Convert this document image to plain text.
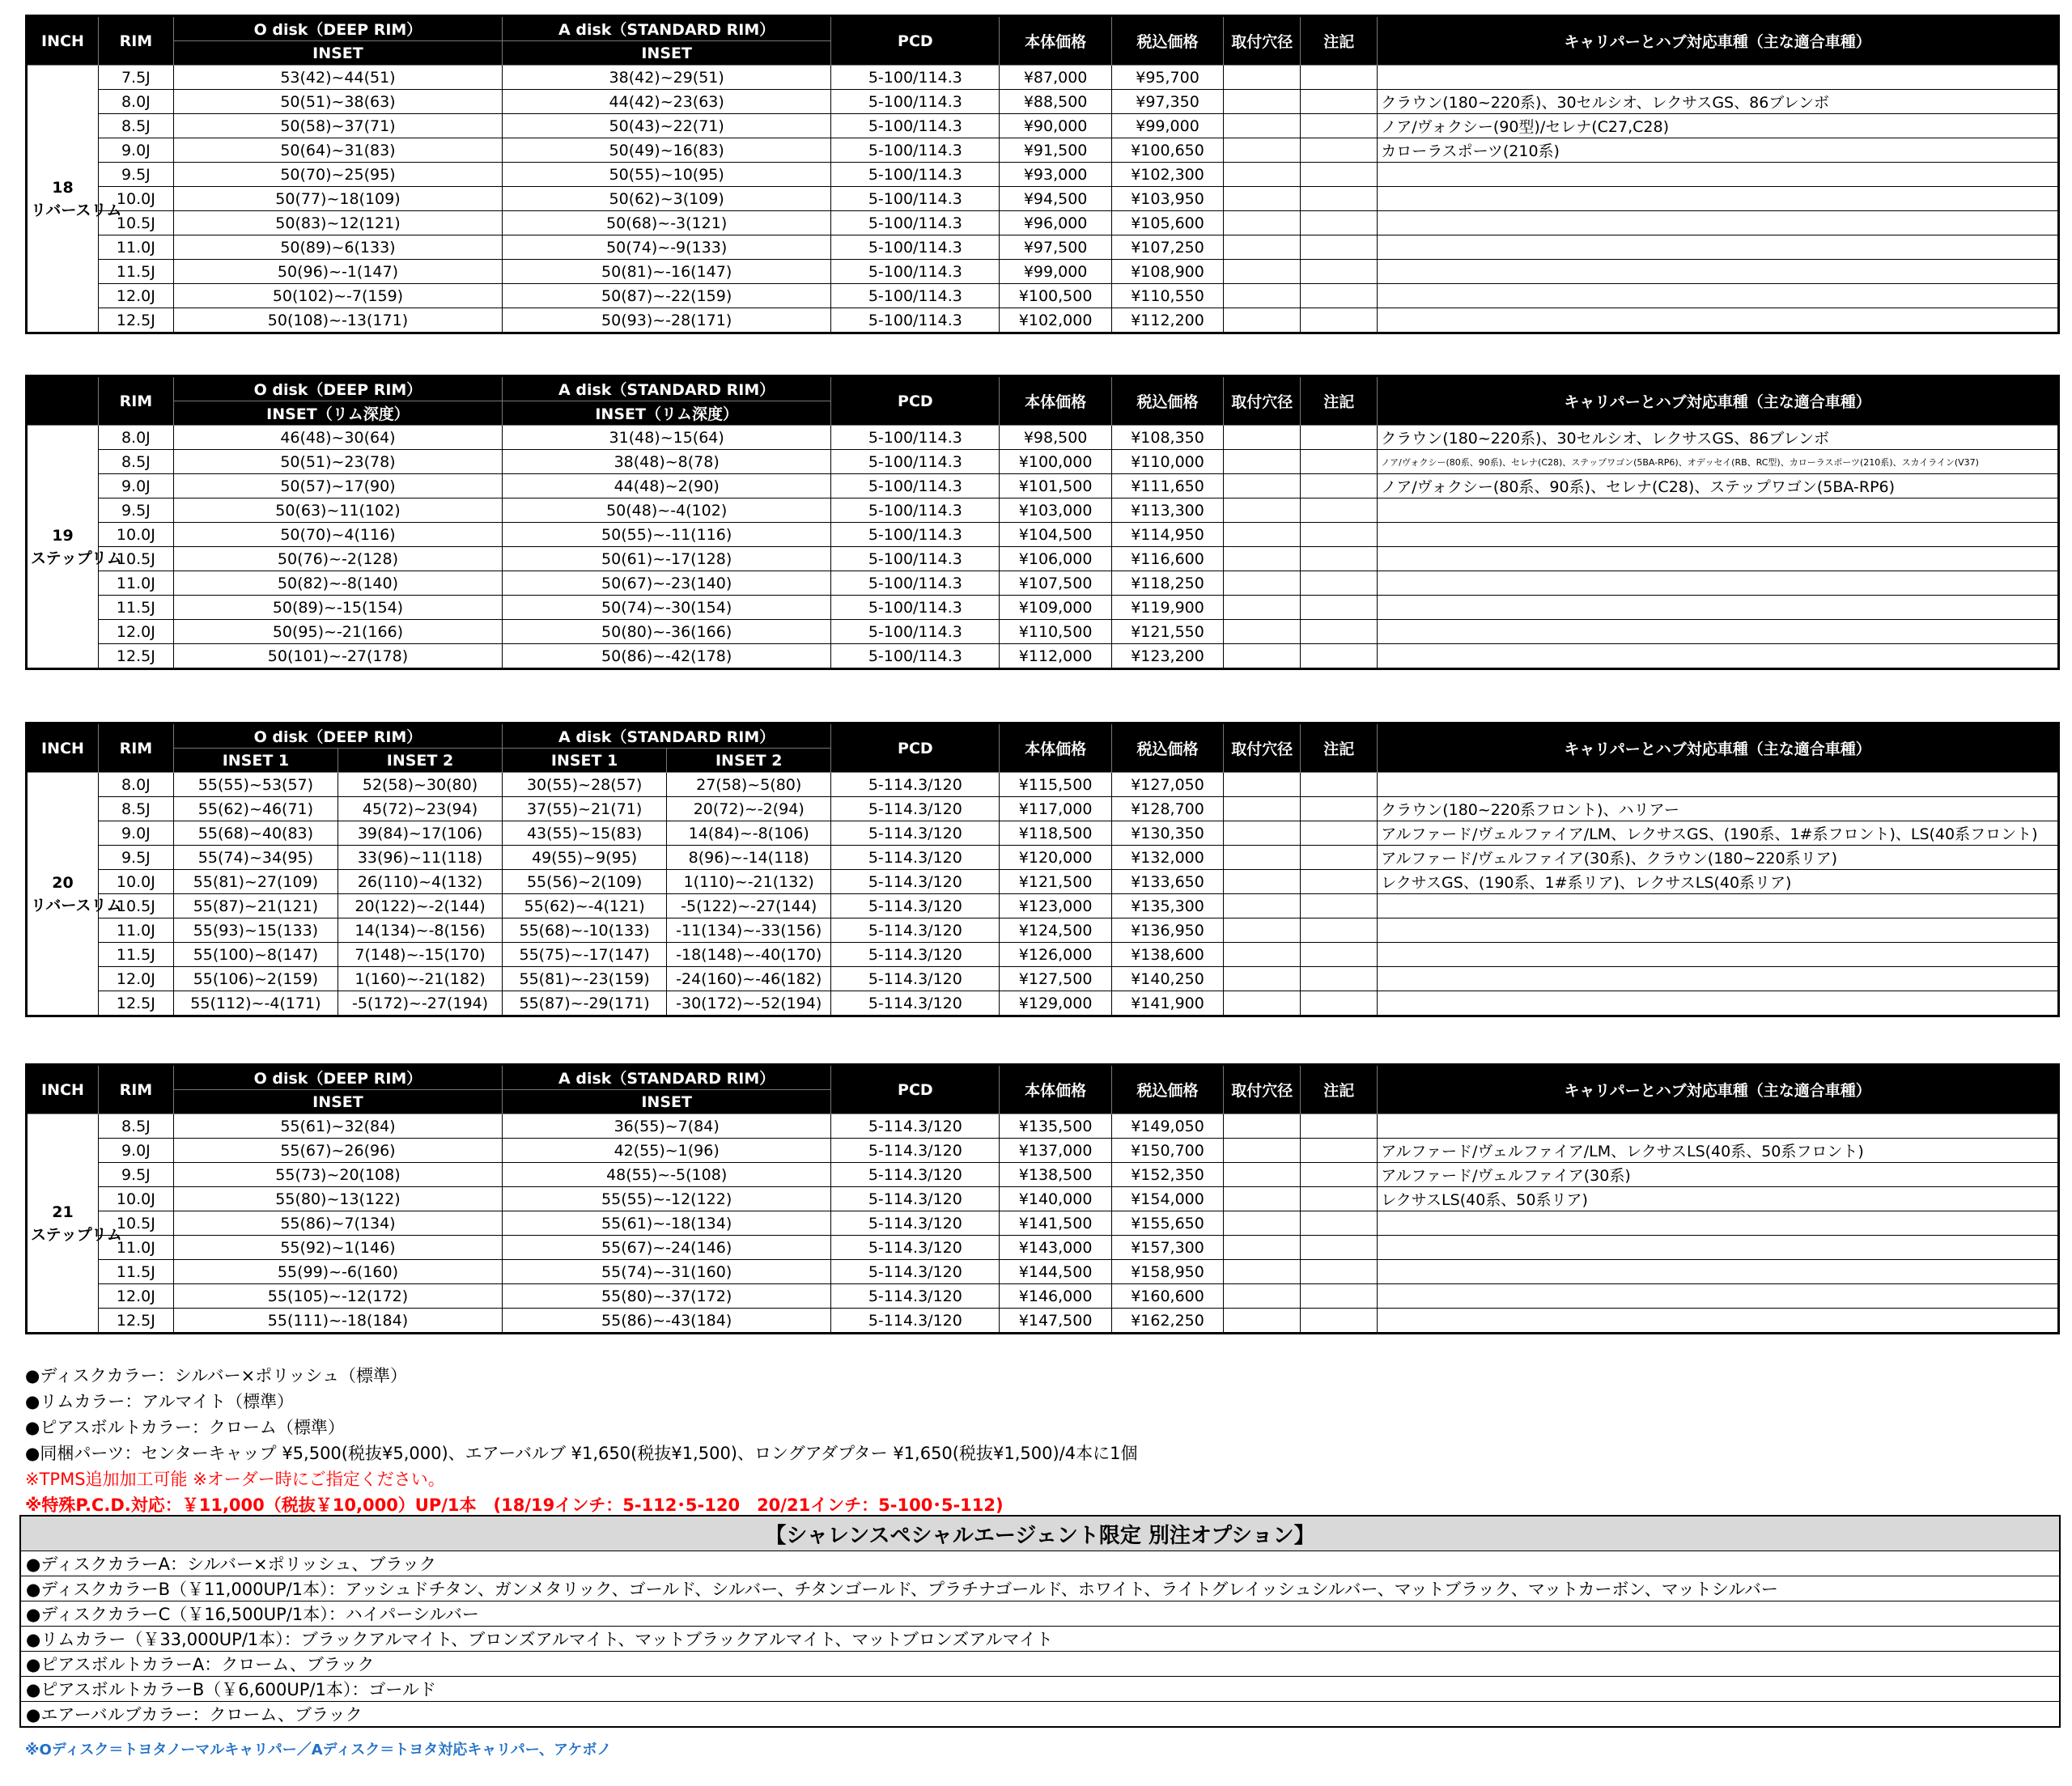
INCH	RIM	O disk（DEEP RIM）	A disk（STANDARD RIM）	PCD	本体価格	税込価格	取付穴径	注記	キャリパーとハブ対応車種（主な適合車種）
		INSET	INSET						

18
リバースリム	7.5J	53(42)~44(51)	38(42)~29(51)	5-100/114.3	¥87,000	¥95,700			
	8.0J	50(51)~38(63)	44(42)~23(63)	5-100/114.3	¥88,500	¥97,350			クラウン(180~220系)、30セルシオ、レクサスGS、86ブレンボ
	8.5J	50(58)~37(71)	50(43)~22(71)	5-100/114.3	¥90,000	¥99,000			ノア/ヴォクシー(90型)/セレナ(C27,C28)
	9.0J	50(64)~31(83)	50(49)~16(83)	5-100/114.3	¥91,500	¥100,650			カローラスポーツ(210系)
	9.5J	50(70)~25(95)	50(55)~10(95)	5-100/114.3	¥93,000	¥102,300			
	10.0J	50(77)~18(109)	50(62)~3(109)	5-100/114.3	¥94,500	¥103,950			
	10.5J	50(83)~12(121)	50(68)~-3(121)	5-100/114.3	¥96,000	¥105,600			
	11.0J	50(89)~6(133)	50(74)~-9(133)	5-100/114.3	¥97,500	¥107,250			
	11.5J	50(96)~-1(147)	50(81)~-16(147)	5-100/114.3	¥99,000	¥108,900			
	12.0J	50(102)~-7(159)	50(87)~-22(159)	5-100/114.3	¥100,500	¥110,550			
	12.5J	50(108)~-13(171)	50(93)~-28(171)	5-100/114.3	¥102,000	¥112,200			
	RIM	O disk（DEEP RIM）	A disk（STANDARD RIM）	PCD	本体価格	税込価格	取付穴径	注記	キャリパーとハブ対応車種（主な適合車種）
		INSET（リム深度）	INSET（リム深度）						

19
ステップリム	8.0J	46(48)~30(64)	31(48)~15(64)	5-100/114.3	¥98,500	¥108,350			クラウン(180~220系)、30セルシオ、レクサスGS、86ブレンボ
	8.5J	50(51)~23(78)	38(48)~8(78)	5-100/114.3	¥100,000	¥110,000			ノア/ヴォクシー(80系、90系)、セレナ(C28)、ステップワゴン(5BA-RP6)、オデッセイ(RB、RC型)、カローラスポーツ(210系)、スカイライン(V37)
	9.0J	50(57)~17(90)	44(48)~2(90)	5-100/114.3	¥101,500	¥111,650			ノア/ヴォクシー(80系、90系)、セレナ(C28)、ステップワゴン(5BA-RP6)
	9.5J	50(63)~11(102)	50(48)~-4(102)	5-100/114.3	¥103,000	¥113,300			
	10.0J	50(70)~4(116)	50(55)~-11(116)	5-100/114.3	¥104,500	¥114,950			
	10.5J	50(76)~-2(128)	50(61)~-17(128)	5-100/114.3	¥106,000	¥116,600			
	11.0J	50(82)~-8(140)	50(67)~-23(140)	5-100/114.3	¥107,500	¥118,250			
	11.5J	50(89)~-15(154)	50(74)~-30(154)	5-100/114.3	¥109,000	¥119,900			
	12.0J	50(95)~-21(166)	50(80)~-36(166)	5-100/114.3	¥110,500	¥121,550			
	12.5J	50(101)~-27(178)	50(86)~-42(178)	5-100/114.3	¥112,000	¥123,200			
INCH	RIM	O disk（DEEP RIM）		A disk（STANDARD RIM）		PCD	本体価格	税込価格	取付穴径	注記	キャリパーとハブ対応車種（主な適合車種）
		INSET 1	INSET 2	INSET 1	INSET 2						

20
リバースリム	8.0J	55(55)~53(57)	52(58)~30(80)	30(55)~28(57)	27(58)~5(80)	5-114.3/120	¥115,500	¥127,050			
	8.5J	55(62)~46(71)	45(72)~23(94)	37(55)~21(71)	20(72)~-2(94)	5-114.3/120	¥117,000	¥128,700			クラウン(180~220系フロント)、ハリアー
	9.0J	55(68)~40(83)	39(84)~17(106)	43(55)~15(83)	14(84)~-8(106)	5-114.3/120	¥118,500	¥130,350			アルファード/ヴェルファイア/LM、レクサスGS、(190系、1#系フロント)、LS(40系フロント)
	9.5J	55(74)~34(95)	33(96)~11(118)	49(55)~9(95)	8(96)~-14(118)	5-114.3/120	¥120,000	¥132,000			アルファード/ヴェルファイア(30系)、クラウン(180~220系リア)
	10.0J	55(81)~27(109)	26(110)~4(132)	55(56)~2(109)	1(110)~-21(132)	5-114.3/120	¥121,500	¥133,650			レクサスGS、(190系、1#系リア)、レクサスLS(40系リア)
	10.5J	55(87)~21(121)	20(122)~-2(144)	55(62)~-4(121)	-5(122)~-27(144)	5-114.3/120	¥123,000	¥135,300			
	11.0J	55(93)~15(133)	14(134)~-8(156)	55(68)~-10(133)	-11(134)~-33(156)	5-114.3/120	¥124,500	¥136,950			
	11.5J	55(100)~8(147)	7(148)~-15(170)	55(75)~-17(147)	-18(148)~-40(170)	5-114.3/120	¥126,000	¥138,600			
	12.0J	55(106)~2(159)	1(160)~-21(182)	55(81)~-23(159)	-24(160)~-46(182)	5-114.3/120	¥127,500	¥140,250			
	12.5J	55(112)~-4(171)	-5(172)~-27(194)	55(87)~-29(171)	-30(172)~-52(194)	5-114.3/120	¥129,000	¥141,900			
INCH	RIM	O disk（DEEP RIM）	A disk（STANDARD RIM）	PCD	本体価格	税込価格	取付穴径	注記	キャリパーとハブ対応車種（主な適合車種）
		INSET	INSET						

21
ステップリム	8.5J	55(61)~32(84)	36(55)~7(84)	5-114.3/120	¥135,500	¥149,050			
	9.0J	55(67)~26(96)	42(55)~1(96)	5-114.3/120	¥137,000	¥150,700			アルファード/ヴェルファイア/LM、レクサスLS(40系、50系フロント)
	9.5J	55(73)~20(108)	48(55)~-5(108)	5-114.3/120	¥138,500	¥152,350			アルファード/ヴェルファイア(30系)
	10.0J	55(80)~13(122)	55(55)~-12(122)	5-114.3/120	¥140,000	¥154,000			レクサスLS(40系、50系リア)
	10.5J	55(86)~7(134)	55(61)~-18(134)	5-114.3/120	¥141,500	¥155,650			
	11.0J	55(92)~1(146)	55(67)~-24(146)	5-114.3/120	¥143,000	¥157,300			
	11.5J	55(99)~-6(160)	55(74)~-31(160)	5-114.3/120	¥144,500	¥158,950			
	12.0J	55(105)~-12(172)	55(80)~-37(172)	5-114.3/120	¥146,000	¥160,600			
	12.5J	55(111)~-18(184)	55(86)~-43(184)	5-114.3/120	¥147,500	¥162,250			
●ディスクカラー：シルバー×ポリッシュ（標準）
●リムカラー：アルマイト（標準）
●ピアスボルトカラー：クローム（標準）
●同梱パーツ：センターキャップ ¥5,500(税抜¥5,000)、エアーバルブ ¥1,650(税抜¥1,500)、ロングアダプター ¥1,650(税抜¥1,500)/4本に1個
※TPMS追加加工可能 ※オーダー時にご指定ください。
※特殊P.C.D.対応：￥11,000（税抜￥10,000）UP/1本　(18/19インチ：5-112･5-120　20/21インチ：5-100･5-112)
【シャレンスペシャルエージェント限定 別注オプション】
●ディスクカラーA：シルバー×ポリッシュ、ブラック
●ディスクカラーB（￥11,000UP/1本）：アッシュドチタン、ガンメタリック、ゴールド、シルバー、チタンゴールド、プラチナゴールド、ホワイト、ライトグレイッシュシルバー、マットブラック、マットカーボン、マットシルバー
●ディスクカラーC（￥16,500UP/1本）：ハイパーシルバー
●リムカラー（￥33,000UP/1本）：ブラックアルマイト、ブロンズアルマイト、マットブラックアルマイト、マットブロンズアルマイト
●ピアスボルトカラーA：クローム、ブラック
●ピアスボルトカラーB（￥6,600UP/1本）：ゴールド
●エアーバルブカラー：クローム、ブラック
※Oディスク＝トヨタノーマルキャリパー／Aディスク＝トヨタ対応キャリパー、アケボノ
